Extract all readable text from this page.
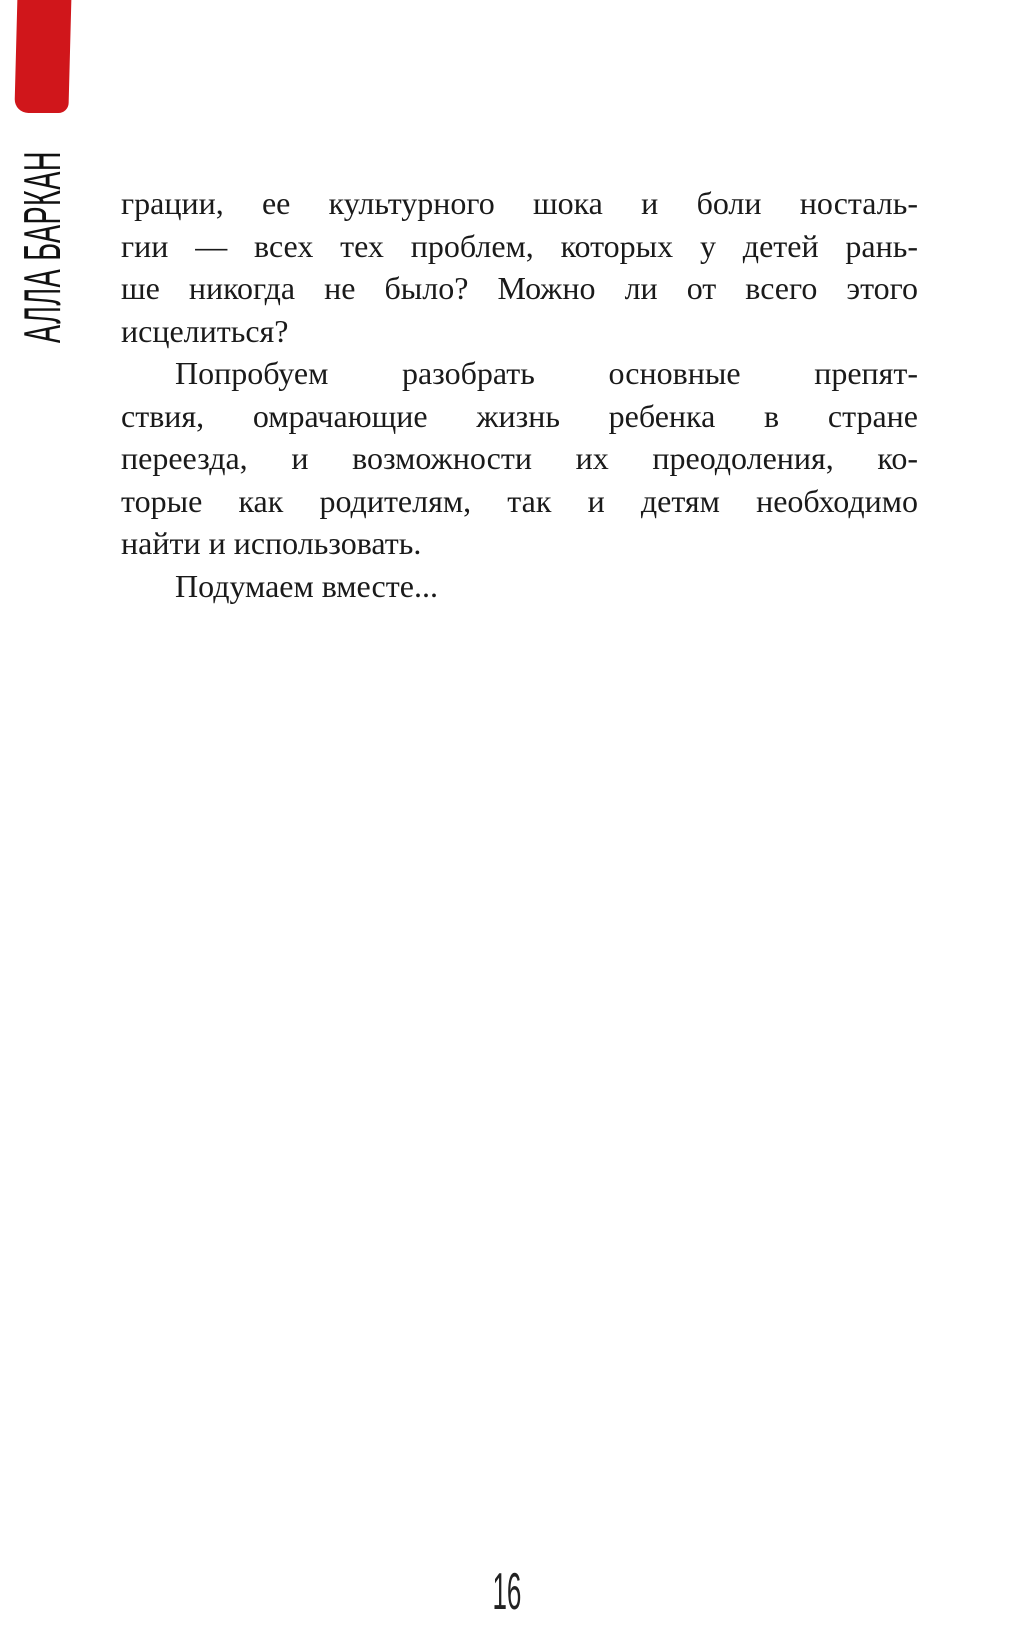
АЛЛА БАРКАН грации, ее культурного шока и боли носталь-
гии — всех тех проблем, которых у детей рань-
ше никогда не было? Можно ли от всего этого
исцелиться?
Попробуем разобрать основные препят-
ствия, омрачающие жизнь ребенка в стране
переезда, и возможности их преодоления, ко-
торые как родителям, так и детям необходимо
найти и использовать.
Подумаем вместе...
16
